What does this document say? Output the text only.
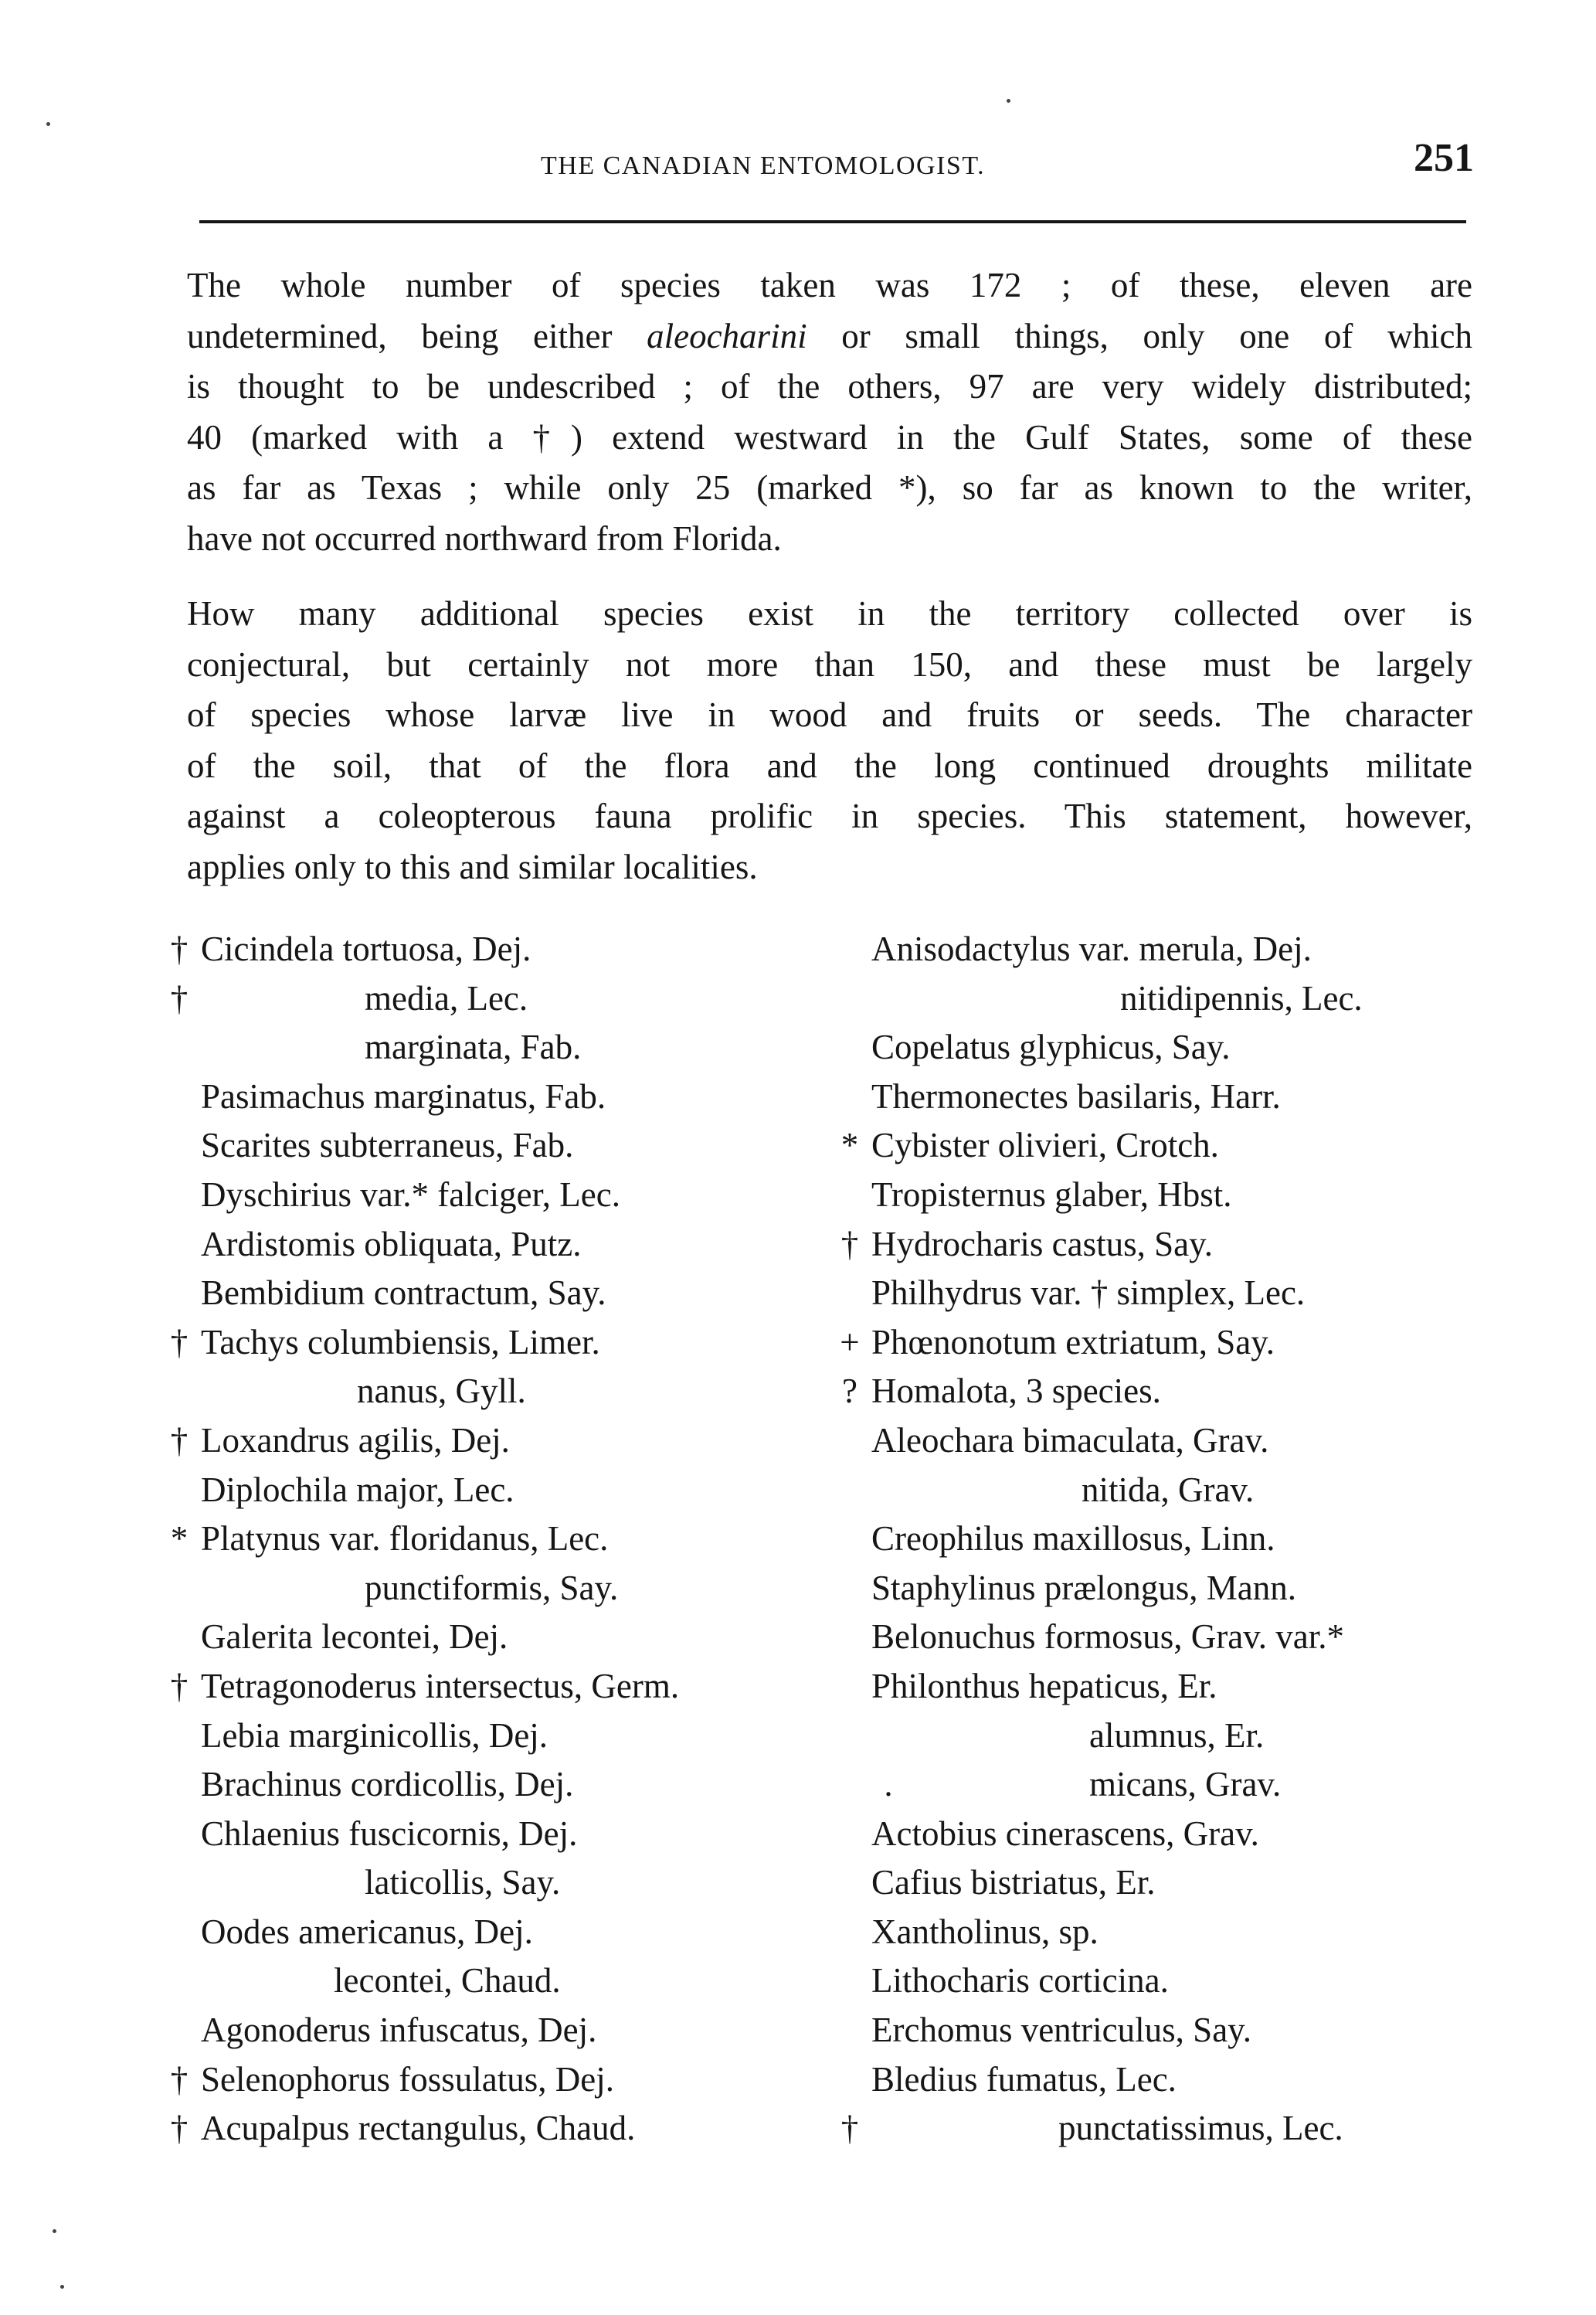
THE CANADIAN ENTOMOLOGIST.	251

The whole number of species taken was 172 ; of these, eleven are
undetermined, being either aleocharini or small things, only one of which
is thought to be undescribed ; of the others, 97 are very widely distributed;
40 (marked with a †) extend westward in the Gulf States, some of these
as far as Texas ; while only 25 (marked *), so far as known to the writer,
have not occurred northward from Florida.

How many additional species exist in the territory collected over is
conjectural, but certainly not more than 150, and these must be largely
of species whose larvæ live in wood and fruits or seeds. The character
of the soil, that of the flora and the long continued droughts militate
against a coleopterous fauna prolific in species. This statement, however,
applies only to this and similar localities.

† Cicindela tortuosa, Dej.
†	media, Lec.
marginata, Fab.
Pasimachus marginatus, Fab.
Scarites subterraneus, Fab.
Dyschirius var.* falciger, Lec.
Ardistomis obliquata, Putz.
Bembidium contractum, Say.
† Tachys columbiensis, Limer.
nanus, Gyll.
† Loxandrus agilis, Dej.
Diplochila major, Lec.
* Platynus var. floridanus, Lec.
punctiformis, Say.
Galerita lecontei, Dej.
† Tetragonoderus intersectus, Germ.
Lebia marginicollis, Dej.
Brachinus cordicollis, Dej.
Chlaenius fuscicornis, Dej.
laticollis, Say.
Oodes americanus, Dej.
lecontei, Chaud.
Agonoderus infuscatus, Dej.
† Selenophorus fossulatus, Dej.
† Acupalpus rectangulus, Chaud.
Anisodactylus var. merula, Dej.
nitidipennis, Lec.
Copelatus glyphicus, Say.
Thermonectes basilaris, Harr.
* Cybister olivieri, Crotch.
Tropisternus glaber, Hbst.
† Hydrocharis castus, Say.
Philhydrus var. † simplex, Lec.
+ Phœnonotum extriatum, Say.
? Homalota, 3 species.
Aleochara bimaculata, Grav.
nitida, Grav.
Creophilus maxillosus, Linn.
Staphylinus prælongus, Mann.
Belonuchus formosus, Grav. var.*
Philonthus hepaticus, Er.
alumnus, Er.
.	micans, Grav.
Actobius cinerascens, Grav.
Cafius bistriatus, Er.
Xantholinus, sp.
Lithocharis corticina.
Erchomus ventriculus, Say.
Bledius fumatus, Lec.
†	punctatissimus, Lec.
